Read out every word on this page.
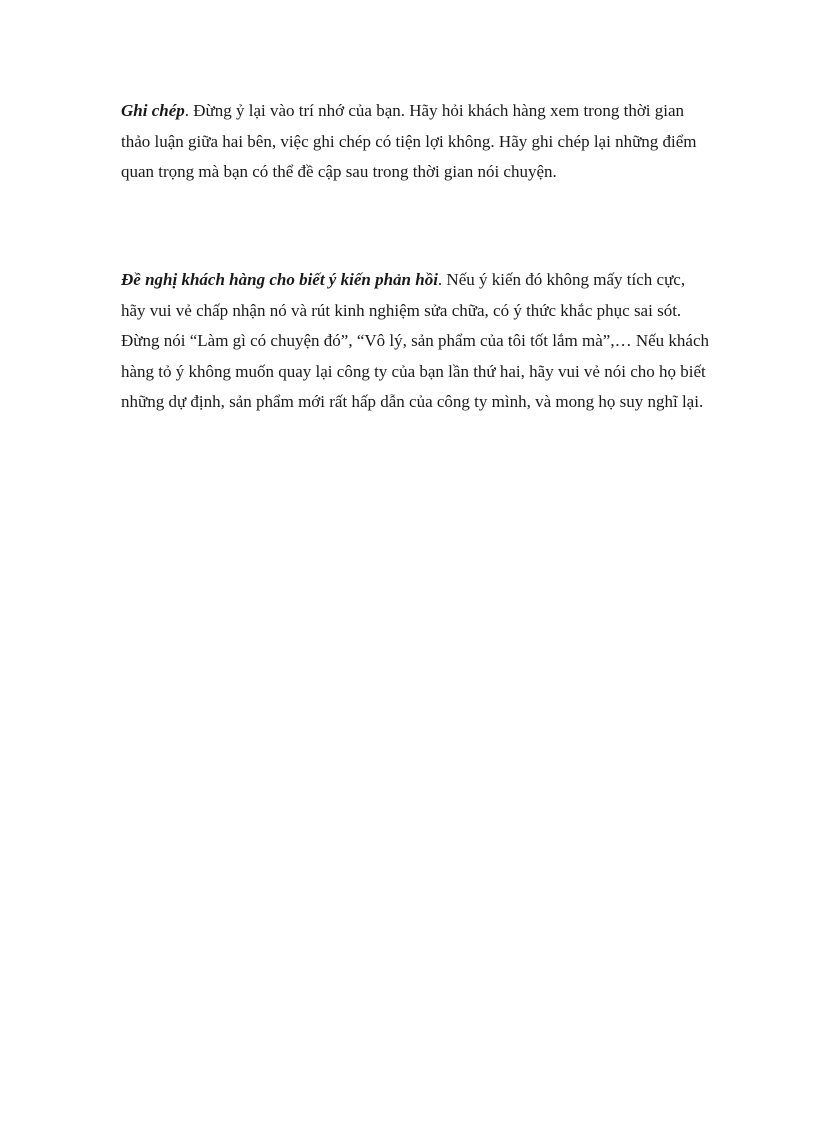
Ghi chép. Đừng ỷ lại vào trí nhớ của bạn. Hãy hỏi khách hàng xem trong thời gian thảo luận giữa hai bên, việc ghi chép có tiện lợi không. Hãy ghi chép lại những điểm quan trọng mà bạn có thể đề cập sau trong thời gian nói chuyện.

Đề nghị khách hàng cho biết ý kiến phản hồi. Nếu ý kiến đó không mấy tích cực, hãy vui vẻ chấp nhận nó và rút kinh nghiệm sửa chữa, có ý thức khắc phục sai sót. Đừng nói “Làm gì có chuyện đó”, “Vô lý, sản phẩm của tôi tốt lắm mà”,… Nếu khách hàng tỏ ý không muốn quay lại công ty của bạn lần thứ hai, hãy vui vẻ nói cho họ biết những dự định, sản phẩm mới rất hấp dẫn của công ty mình, và mong họ suy nghĩ lại.
